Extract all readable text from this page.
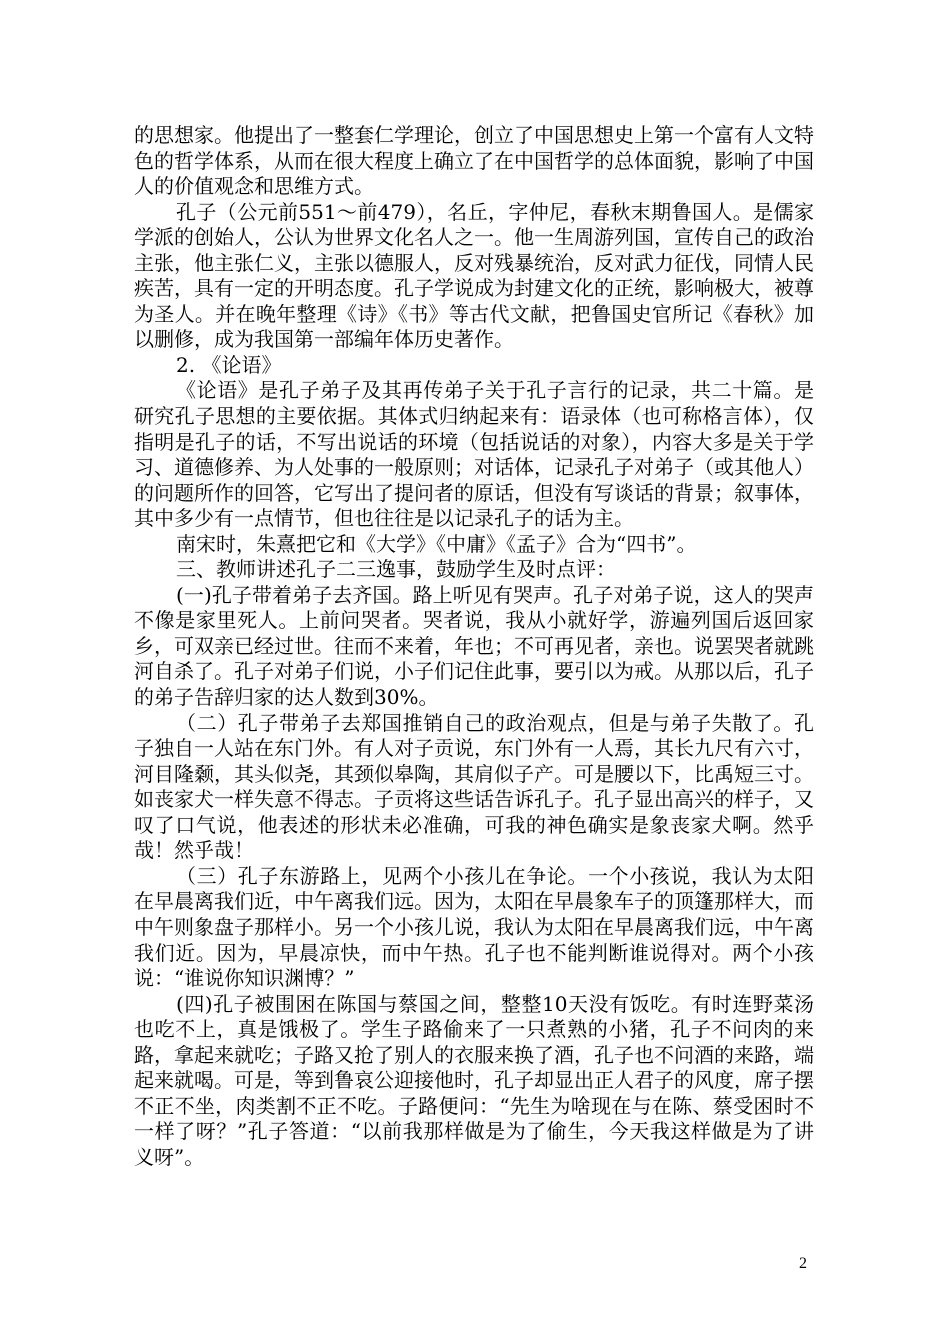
的思想家。他提出了一整套仁学理论，创立了中国思想史上第一个富有人文特色的哲学体系，从而在很大程度上确立了在中国哲学的总体面貌，影响了中国人的价值观念和思维方式。

孔子（公元前551～前479），名丘，字仲尼，春秋末期鲁国人。是儒家学派的创始人，公认为世界文化名人之一。他一生周游列国，宣传自己的政治主张，他主张仁义，主张以德服人，反对残暴统治，反对武力征伐，同情人民疾苦，具有一定的开明态度。孔子学说成为封建文化的正统，影响极大，被尊为圣人。并在晚年整理《诗》《书》等古代文献，把鲁国史官所记《春秋》加以删修，成为我国第一部编年体历史著作。

2. 《论语》

《论语》是孔子弟子及其再传弟子关于孔子言行的记录，共二十篇。是研究孔子思想的主要依据。其体式归纳起来有：语录体（也可称格言体），仅指明是孔子的话，不写出说话的环境（包括说话的对象），内容大多是关于学习、道德修养、为人处事的一般原则；对话体，记录孔子对弟子（或其他人）的问题所作的回答，它写出了提问者的原话，但没有写谈话的背景；叙事体，其中多少有一点情节，但也往往是以记录孔子的话为主。

南宋时，朱熹把它和《大学》《中庸》《孟子》合为“四书”。

三、教师讲述孔子二三逸事，鼓励学生及时点评：

(一)孔子带着弟子去齐国。路上听见有哭声。孔子对弟子说，这人的哭声不像是家里死人。上前问哭者。哭者说，我从小就好学，游遍列国后返回家乡，可双亲已经过世。往而不来着，年也；不可再见者，亲也。说罢哭者就跳河自杀了。孔子对弟子们说，小子们记住此事，要引以为戒。从那以后，孔子的弟子告辞归家的达人数到30%。

（二）孔子带弟子去郑国推销自己的政治观点，但是与弟子失散了。孔子独自一人站在东门外。有人对子贡说，东门外有一人焉，其长九尺有六寸，河目隆颡，其头似尧，其颈似皋陶，其肩似子产。可是腰以下，比禹短三寸。如丧家犬一样失意不得志。子贡将这些话告诉孔子。孔子显出高兴的样子，又叹了口气说，他表述的形状未必准确，可我的神色确实是象丧家犬啊。然乎哉！然乎哉！

（三）孔子东游路上，见两个小孩儿在争论。一个小孩说，我认为太阳在早晨离我们近，中午离我们远。因为，太阳在早晨象车子的顶篷那样大，而中午则象盘子那样小。另一个小孩儿说，我认为太阳在早晨离我们远，中午离我们近。因为，早晨凉快，而中午热。孔子也不能判断谁说得对。两个小孩说：“谁说你知识渊博？”

(四)孔子被围困在陈国与蔡国之间，整整10天没有饭吃。有时连野菜汤也吃不上，真是饿极了。学生子路偷来了一只煮熟的小猪，孔子不问肉的来路，拿起来就吃；子路又抢了别人的衣服来换了酒，孔子也不问酒的来路，端起来就喝。可是，等到鲁哀公迎接他时，孔子却显出正人君子的风度，席子摆不正不坐，肉类割不正不吃。子路便问：“先生为啥现在与在陈、蔡受困时不一样了呀？”孔子答道：“以前我那样做是为了偷生，今天我这样做是为了讲义呀”。

2
